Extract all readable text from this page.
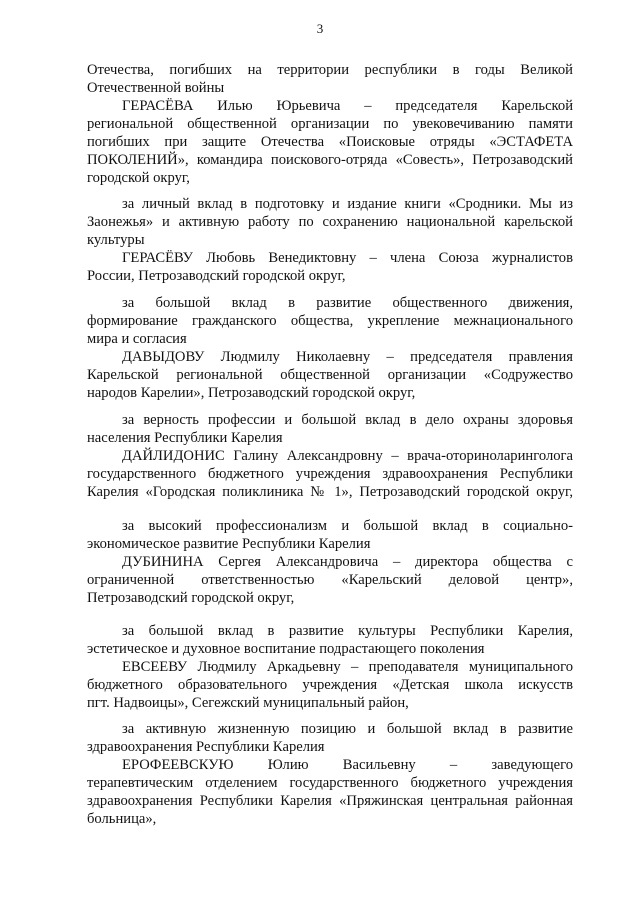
3
Отечества, погибших на территории республики в годы Великой
Отечественной войны
ГЕРАСЁВА Илью Юрьевича – председателя Карельской
региональной общественной организации по увековечиванию памяти
погибших при защите Отечества «Поисковые отряды «ЭСТАФЕТА
ПОКОЛЕНИЙ», командира поискового-отряда «Совесть», Петрозаводский
городской округ,
за личный вклад в подготовку и издание книги «Сродники. Мы из
Заонежья» и активную работу по сохранению национальной карельской
культуры
ГЕРАСЁВУ Любовь Венедиктовну – члена Союза журналистов
России, Петрозаводский городской округ,
за большой вклад в развитие общественного движения,
формирование гражданского общества, укрепление межнационального
мира и согласия
ДАВЫДОВУ Людмилу Николаевну – председателя правления
Карельской региональной общественной организации «Содружество
народов Карелии», Петрозаводский городской округ,
за верность профессии и большой вклад в дело охраны здоровья
населения Республики Карелия
ДАЙЛИДОНИС Галину Александровну – врача-оториноларинголога
государственного бюджетного учреждения здравоохранения Республики
Карелия «Городская поликлиника № 1», Петрозаводский городской округ,
за высокий профессионализм и большой вклад в социально-
экономическое развитие Республики Карелия
ДУБИНИНА Сергея Александровича – директора общества с
ограниченной ответственностью «Карельский деловой центр»,
Петрозаводский городской округ,
за большой вклад в развитие культуры Республики Карелия,
эстетическое и духовное воспитание подрастающего поколения
ЕВСЕЕВУ Людмилу Аркадьевну – преподавателя муниципального
бюджетного образовательного учреждения «Детская школа искусств
пгт. Надвоицы», Сегежский муниципальный район,
за активную жизненную позицию и большой вклад в развитие
здравоохранения Республики Карелия
ЕРОФЕЕВСКУЮ Юлию Васильевну – заведующего
терапевтическим отделением государственного бюджетного учреждения
здравоохранения Республики Карелия «Пряжинская центральная районная
больница»,
